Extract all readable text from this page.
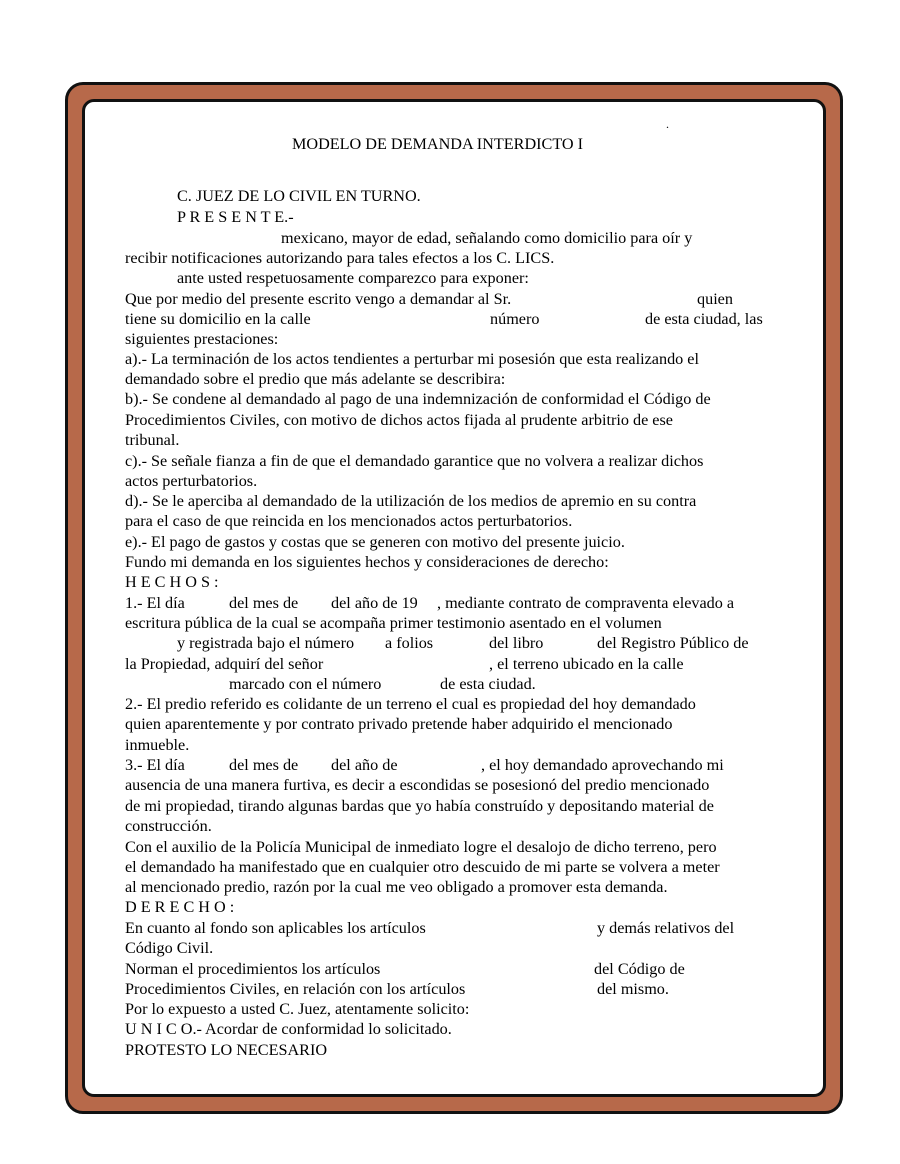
.
MODELO DE DEMANDA INTERDICTO I
C. JUEZ DE LO CIVIL EN TURNO.
P R E S E N T E.-
mexicano, mayor de edad, señalando como domicilio para oír y
recibir notificaciones autorizando para tales efectos a los C. LICS.
ante usted respetuosamente comparezco para exponer:
Que por medio del presente escrito vengo a demandar al Sr.	quien
tiene su domicilio en la calle	número	de esta ciudad, las
siguientes prestaciones:
a).- La terminación de los actos tendientes a perturbar mi posesión que esta realizando el
demandado sobre el predio que más adelante se describira:
b).- Se condene al demandado al pago de una indemnización de conformidad el Código de
Procedimientos Civiles, con motivo de dichos actos fijada al prudente arbitrio de ese
tribunal.
c).- Se señale fianza a fin de que el demandado garantice que no volvera a realizar dichos
actos perturbatorios.
d).- Se le aperciba al demandado de la utilización de los medios de apremio en su contra
para el caso de que reincida en los mencionados actos perturbatorios.
e).- El pago de gastos y costas que se generen con motivo del presente juicio.
Fundo mi demanda en los siguientes hechos y consideraciones de derecho:
H E C H O S :
1.- El día	del mes de del año de 19 , mediante contrato de compraventa elevado a
escritura pública de la cual se acompaña primer testimonio asentado en el volumen
y registrada bajo el número a folios	del libro	del Registro Público de
la Propiedad, adquirí del señor	, el terreno ubicado en la calle
marcado con el número	de esta ciudad.
2.- El predio referido es colidante de un terreno el cual es propiedad del hoy demandado
quien aparentemente y por contrato privado pretende haber adquirido el mencionado
inmueble.
3.- El día	del mes de del año de	, el hoy demandado aprovechando mi
ausencia de una manera furtiva, es decir a escondidas se posesionó del predio mencionado
de mi propiedad, tirando algunas bardas que yo había construído y depositando material de
construcción.
Con el auxilio de la Policía Municipal de inmediato logre el desalojo de dicho terreno, pero
el demandado ha manifestado que en cualquier otro descuido de mi parte se volvera a meter
al mencionado predio, razón por la cual me veo obligado a promover esta demanda.
D E R E C H O :
En cuanto al fondo son aplicables los artículos	y demás relativos del
Código Civil.
Norman el procedimientos los artículos	del Código de
Procedimientos Civiles, en relación con los artículos	del mismo.
Por lo expuesto a usted C. Juez, atentamente solicito:
U N I C O.- Acordar de conformidad lo solicitado.
PROTESTO LO NECESARIO
